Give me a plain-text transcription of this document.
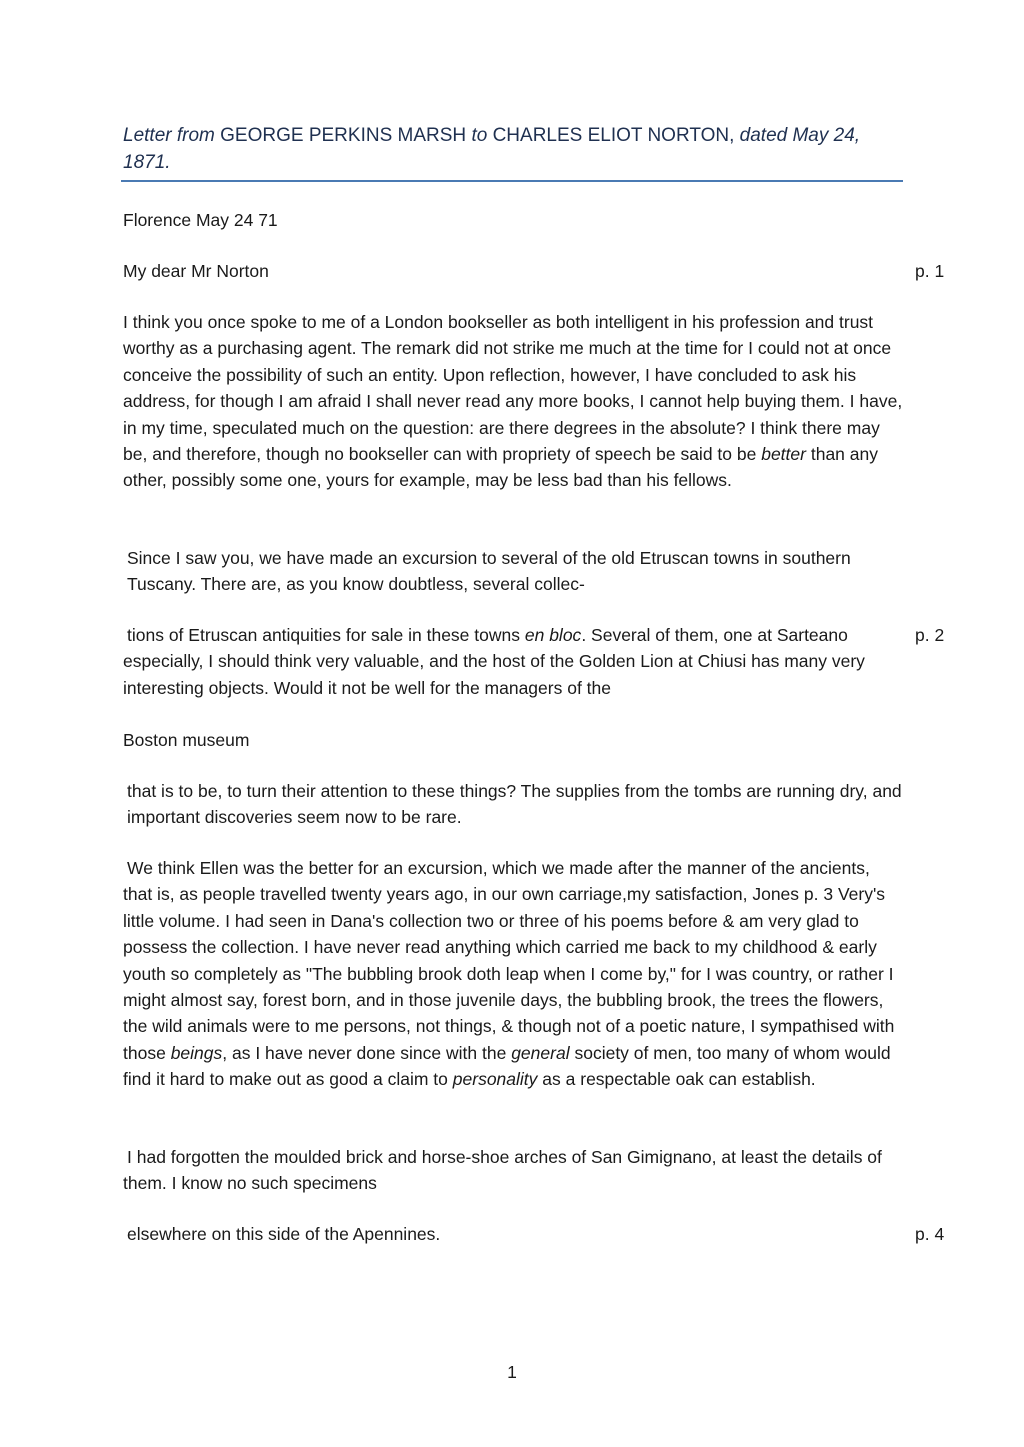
Letter from GEORGE PERKINS MARSH to CHARLES ELIOT NORTON, dated May 24, 1871.

Florence May 24 71

My dear Mr Norton	p. 1

I think you once spoke to me of a London bookseller as both intelligent in his profession and trust worthy as a purchasing agent. The remark did not strike me much at the time for I could not at once conceive the possibility of such an entity. Upon reflection, however, I have concluded to ask his address, for though I am afraid I shall never read any more books, I cannot help buying them. I have, in my time, speculated much on the question: are there degrees in the absolute? I think there may be, and therefore, though no bookseller can with propriety of speech be said to be better than any other, possibly some one, yours for example, may be less bad than his fellows.

Since I saw you, we have made an excursion to several of the old Etruscan towns in southern Tuscany. There are, as you know doubtless, several collec-

tions of Etruscan antiquities for sale in these towns en bloc. Several of them, one at Sarteano especially, I should think very valuable, and the host of the Golden Lion at Chiusi has many very interesting objects. Would it not be well for the managers of the

p. 2

Boston museum

that is to be, to turn their attention to these things? The supplies from the tombs are running dry, and important discoveries seem now to be rare.

We think Ellen was the better for an excursion, which we made after the manner of the ancients, that is, as people travelled twenty years ago, in our own carriage,my satisfaction, Jones p. 3 Very's little volume. I had seen in Dana's collection two or three of his poems before & am very glad to possess the collection. I have never read anything which carried me back to my childhood & early youth so completely as "The bubbling brook doth leap when I come by," for I was country, or rather I might almost say, forest born, and in those juvenile days, the bubbling brook, the trees the flowers, the wild animals were to me persons, not things, & though not of a poetic nature, I sympathised with those beings, as I have never done since with the general society of men, too many of whom would find it hard to make out as good a claim to personality as a respectable oak can establish.

I had forgotten the moulded brick and horse-shoe arches of San Gimignano, at least the details of them. I know no such specimens

elsewhere on this side of the Apennines.	p. 4
1
